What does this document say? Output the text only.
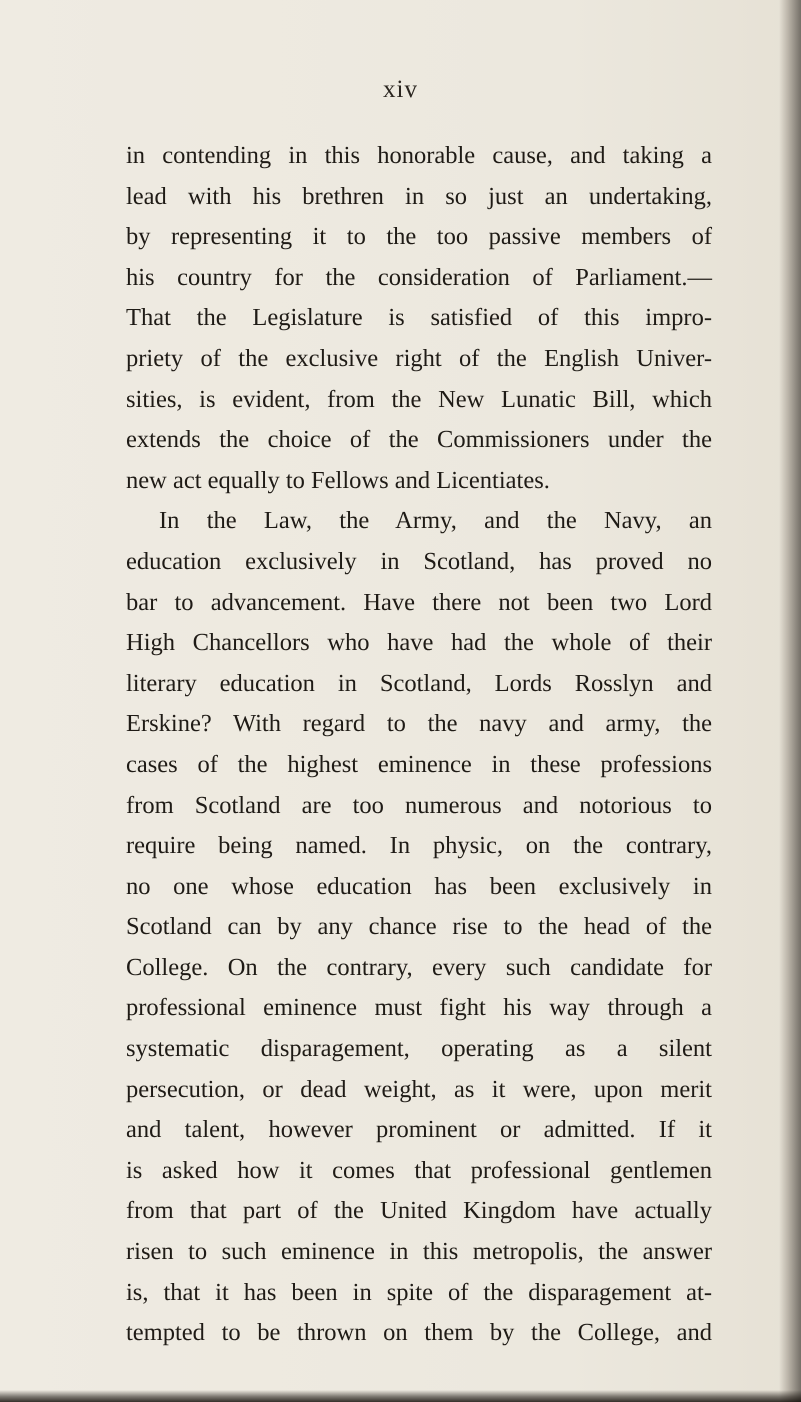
xiv
in contending in this honorable cause, and taking a
lead with his brethren in so just an undertaking,
by representing it to the too passive members of
his country for the consideration of Parliament.—
That the Legislature is satisfied of this impro-
priety of the exclusive right of the English Univer-
sities, is evident, from the New Lunatic Bill, which
extends the choice of the Commissioners under the
new act equally to Fellows and Licentiates.
In the Law, the Army, and the Navy, an
education exclusively in Scotland, has proved no
bar to advancement. Have there not been two Lord
High Chancellors who have had the whole of their
literary education in Scotland, Lords Rosslyn and
Erskine? With regard to the navy and army, the
cases of the highest eminence in these professions
from Scotland are too numerous and notorious to
require being named. In physic, on the contrary,
no one whose education has been exclusively in
Scotland can by any chance rise to the head of the
College. On the contrary, every such candidate for
professional eminence must fight his way through a
systematic disparagement, operating as a silent
persecution, or dead weight, as it were, upon merit
and talent, however prominent or admitted. If it
is asked how it comes that professional gentlemen
from that part of the United Kingdom have actually
risen to such eminence in this metropolis, the answer
is, that it has been in spite of the disparagement at-
tempted to be thrown on them by the College, and
